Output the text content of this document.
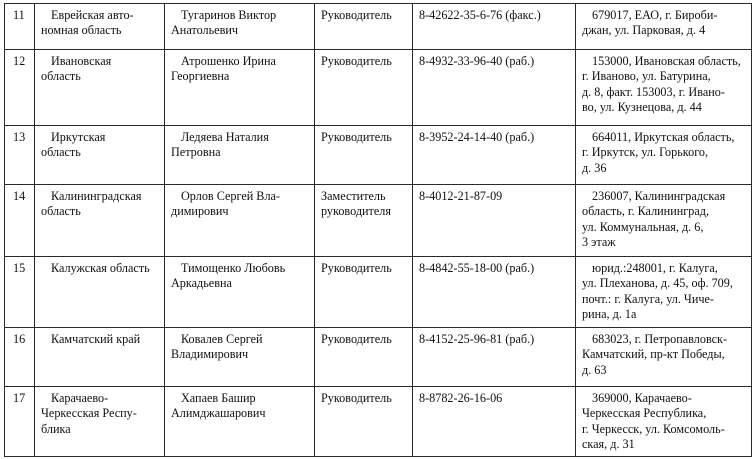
11	Еврейская авто-
номная область	Тугаринов Виктор
Анатольевич	Руководитель	8-42622-35-6-76 (факс.)	679017, ЕАО, г. Бироби-
джан, ул. Парковая, д. 4
12	Ивановская
область	Атрошенко Ирина
Георгиевна	Руководитель	8-4932-33-96-40 (раб.)	153000, Ивановская область,
г. Иваново, ул. Батурина,
д. 8, факт. 153003, г. Ивано-
во, ул. Кузнецова, д. 44
13	Иркутская
область	Ледяева Наталия
Петровна	Руководитель	8-3952-24-14-40 (раб.)	664011, Иркутская область,
г. Иркутск, ул. Горького,
д. 36
14	Калининградская
область	Орлов Сергей Вла-
димирович	Заместитель
руководителя	8-4012-21-87-09	236007, Калининградская
область, г. Калининград,
ул. Коммунальная, д. 6,
3 этаж
15	Калужская область	Тимощенко Любовь
Аркадьевна	Руководитель	8-4842-55-18-00 (раб.)	юрид.:248001, г. Калуга,
ул. Плеханова, д. 45, оф. 709,
почт.: г. Калуга, ул. Чиче-
рина, д. 1а
16	Камчатский край	Ковалев Сергей
Владимирович	Руководитель	8-4152-25-96-81 (раб.)	683023, г. Петропавловск-
Камчатский, пр-кт Победы,
д. 63
17	Карачаево-
Черкесская Респу-
блика	Хапаев Башир
Алимджашарович	Руководитель	8-8782-26-16-06	369000, Карачаево-
Черкесская Республика,
г. Черкесск, ул. Комсомоль-
ская, д. 31
